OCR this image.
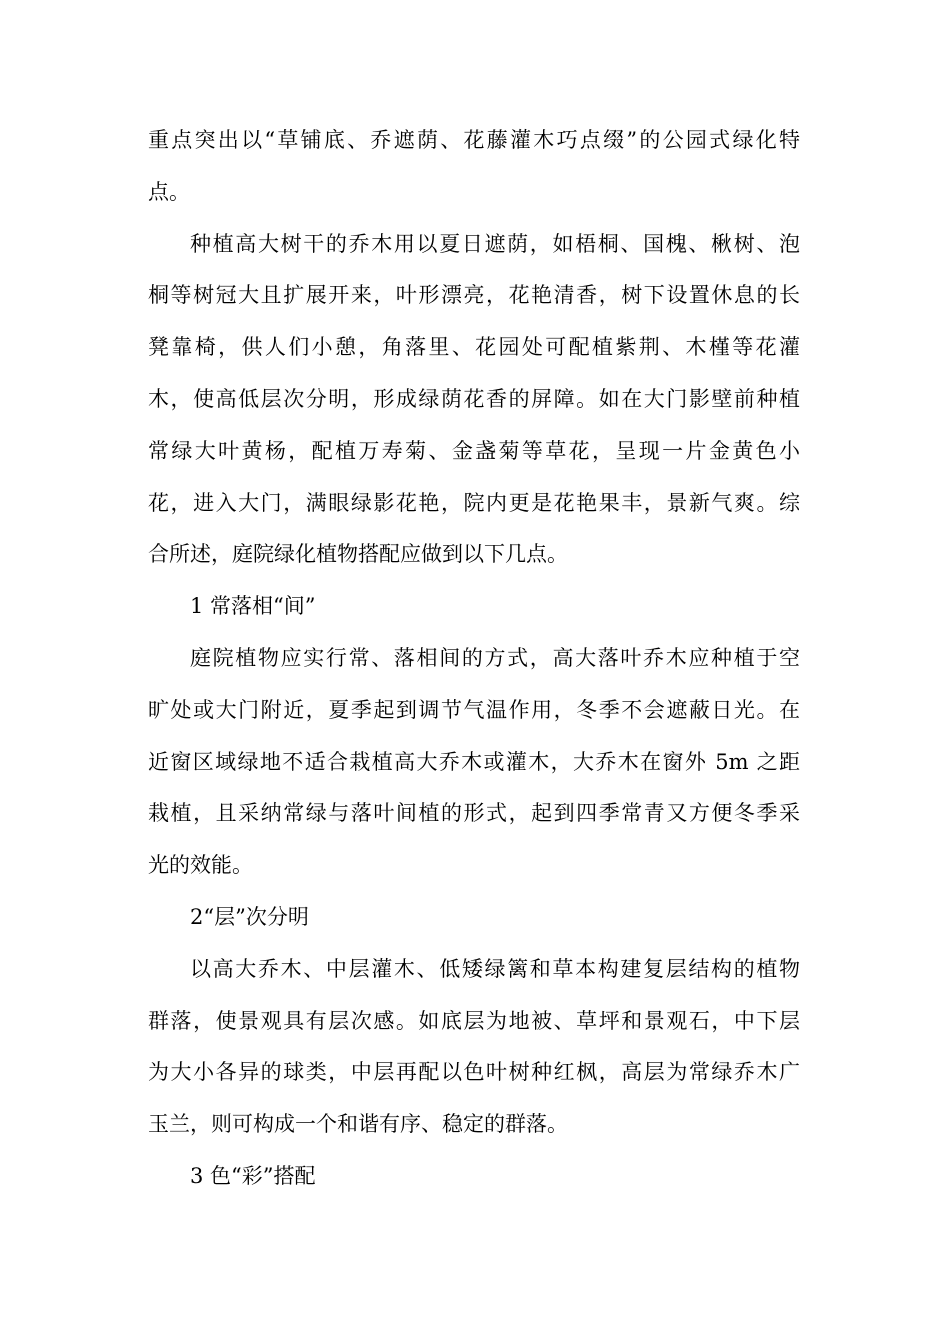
重点突出以“草铺底、乔遮荫、花藤灌木巧点缀”的公园式绿化特
点。
种植高大树干的乔木用以夏日遮荫，如梧桐、国槐、楸树、泡
桐等树冠大且扩展开来，叶形漂亮，花艳清香，树下设置休息的长
凳靠椅，供人们小憩，角落里、花园处可配植紫荆、木槿等花灌
木，使高低层次分明，形成绿荫花香的屏障。如在大门影壁前种植
常绿大叶黄杨，配植万寿菊、金盏菊等草花，呈现一片金黄色小
花，进入大门，满眼绿影花艳，院内更是花艳果丰，景新气爽。综
合所述，庭院绿化植物搭配应做到以下几点。
1 常落相“间”
庭院植物应实行常、落相间的方式，高大落叶乔木应种植于空
旷处或大门附近，夏季起到调节气温作用，冬季不会遮蔽日光。在
近窗区域绿地不适合栽植高大乔木或灌木，大乔木在窗外 5m 之距
栽植，且采纳常绿与落叶间植的形式，起到四季常青又方便冬季采
光的效能。
2“层”次分明
以高大乔木、中层灌木、低矮绿篱和草本构建复层结构的植物
群落，使景观具有层次感。如底层为地被、草坪和景观石，中下层
为大小各异的球类，中层再配以色叶树种红枫，高层为常绿乔木广
玉兰，则可构成一个和谐有序、稳定的群落。
3 色“彩”搭配
